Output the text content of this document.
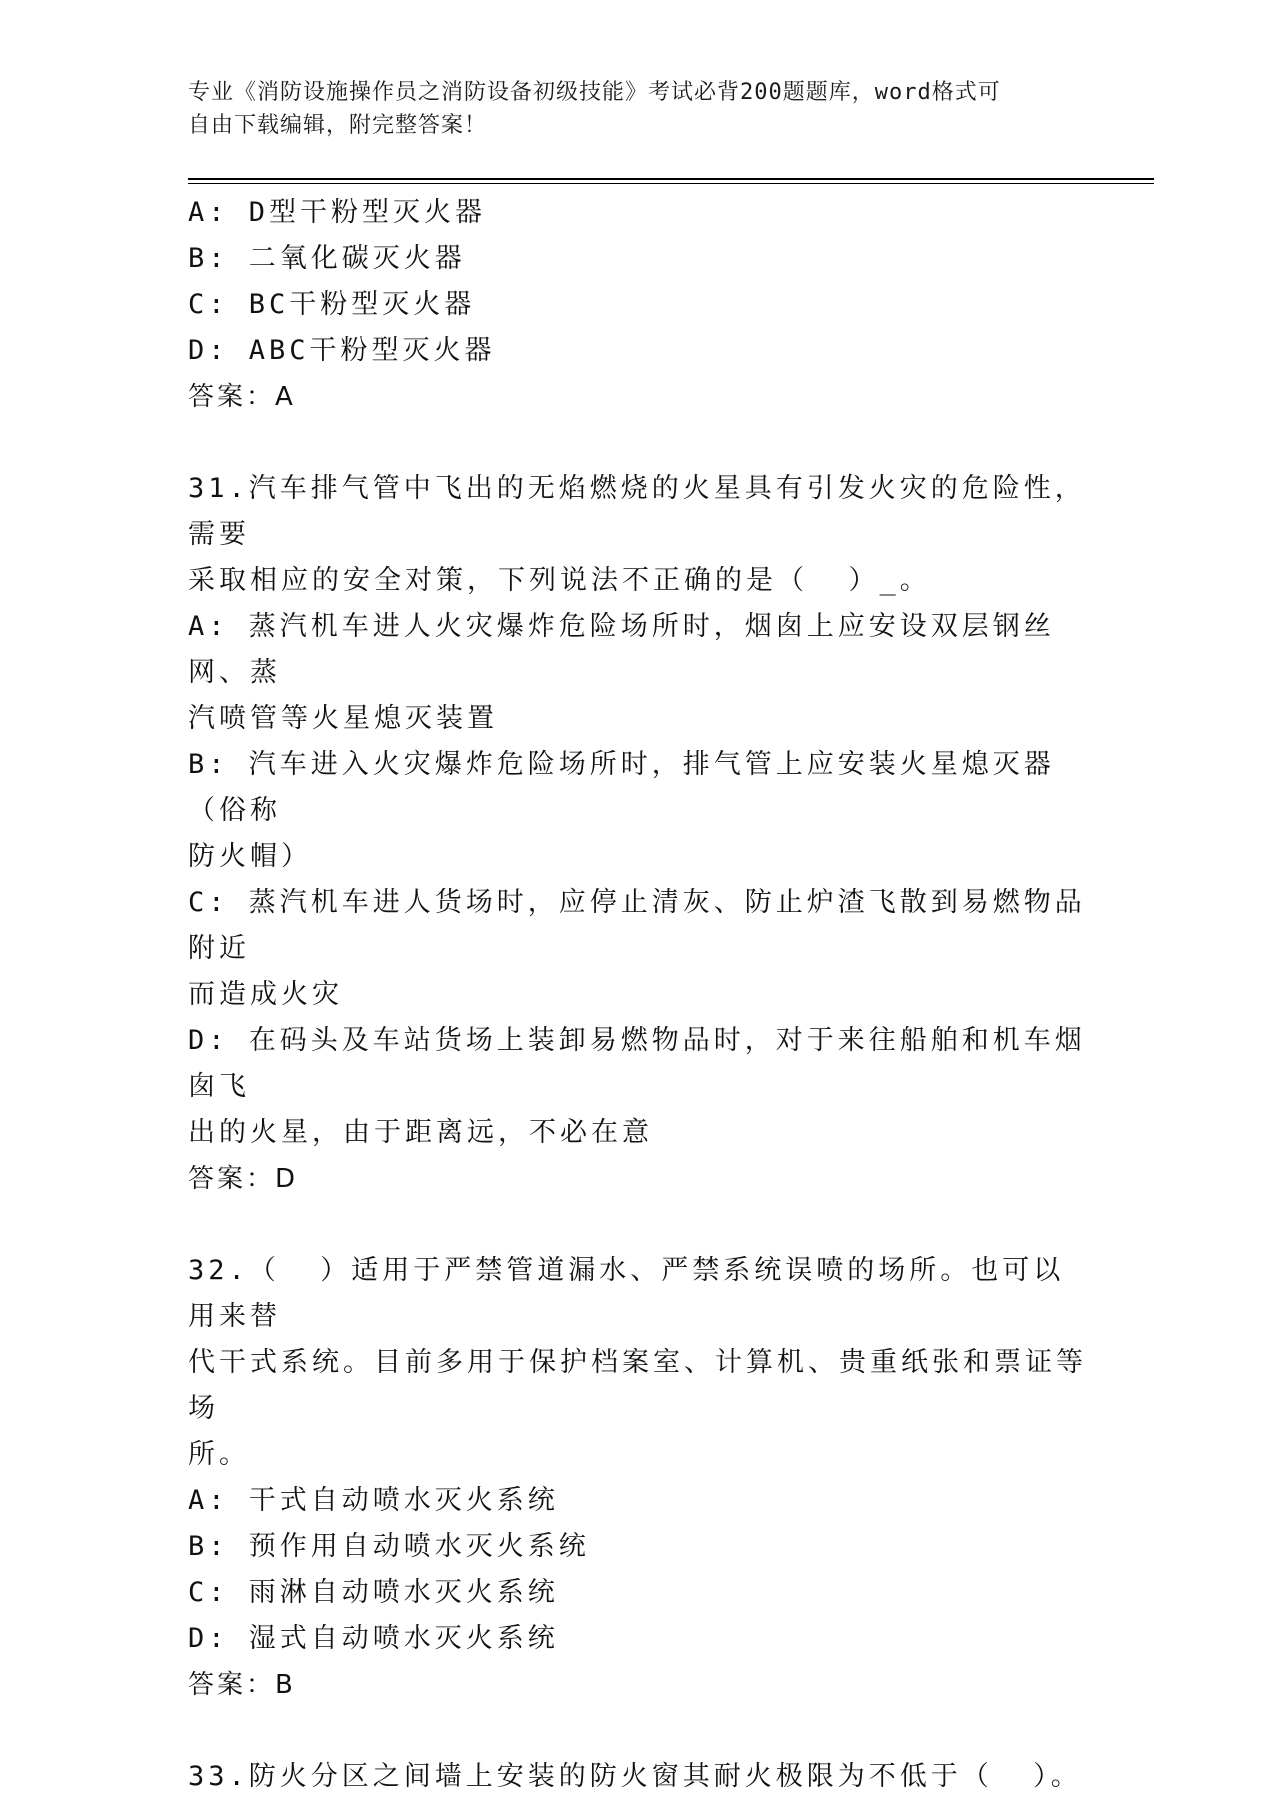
专业《消防设施操作员之消防设备初级技能》考试必背200题题库，word格式可
自由下载编辑，附完整答案！

A: D型干粉型灭火器

B: 二氧化碳灭火器

C: BC干粉型灭火器

D: ABC干粉型灭火器

答案：A

31.汽车排气管中飞出的无焰燃烧的火星具有引发火灾的危险性，需要

采取相应的安全对策，下列说法不正确的是（  ）_。

A: 蒸汽机车进人火灾爆炸危险场所时，烟囱上应安设双层钢丝网、蒸

汽喷管等火星熄灭装置

B: 汽车进入火灾爆炸危险场所时，排气管上应安装火星熄灭器（俗称

防火帽）

C: 蒸汽机车进人货场时，应停止清灰、防止炉渣飞散到易燃物品附近

而造成火灾

D: 在码头及车站货场上装卸易燃物品时，对于来往船舶和机车烟囱飞

出的火星，由于距离远，不必在意

答案：D

32.（  ）适用于严禁管道漏水、严禁系统误喷的场所。也可以用来替

代干式系统。目前多用于保护档案室、计算机、贵重纸张和票证等场

所。

A: 干式自动喷水灭火系统

B: 预作用自动喷水灭火系统

C: 雨淋自动喷水灭火系统

D: 湿式自动喷水灭火系统

答案：B

33.防火分区之间墙上安装的防火窗其耐火极限为不低于（  ）。
